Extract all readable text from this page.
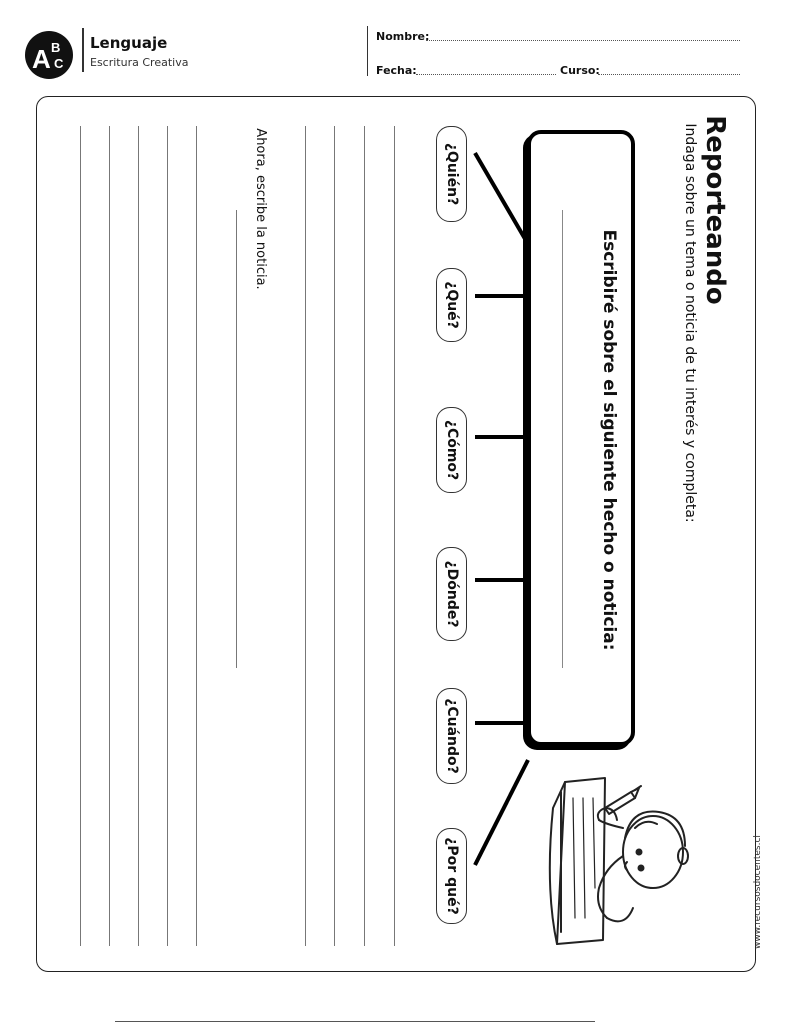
A B
C
Lenguaje
Escritura Creativa
Nombre:
Fecha:	Curso:
Reporteando
Indaga sobre un tema o noticia de tu interés y completa:
Escribiré sobre el siguiente hecho o noticia:
¿Quién?
¿Qué?
¿Cómo?
¿Dónde?
¿Cuándo?
¿Por qué?
Ahora, escribe la noticia.
www.recursosdocentes.cl
